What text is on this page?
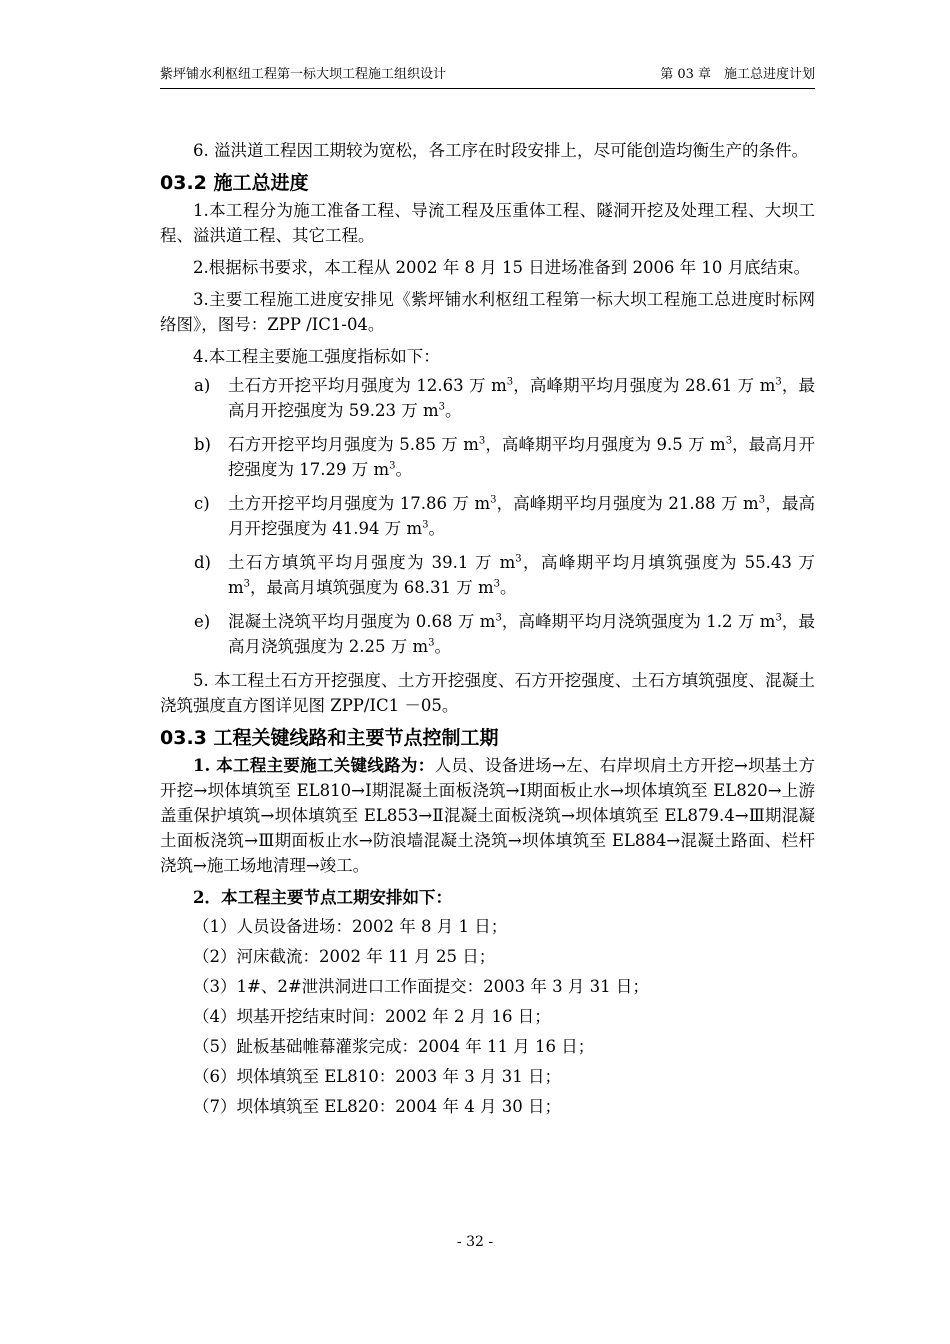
紫坪铺水利枢纽工程第一标大坝工程施工组织设计	第 03 章　施工总进度计划

6. 溢洪道工程因工期较为宽松，各工序在时段安排上，尽可能创造均衡生产的条件。

03.2 施工总进度

1.本工程分为施工准备工程、导流工程及压重体工程、隧洞开挖及处理工程、大坝工程、溢洪道工程、其它工程。

2.根据标书要求，本工程从 2002 年 8 月 15 日进场准备到 2006 年 10 月底结束。

3.主要工程施工进度安排见《紫坪铺水利枢纽工程第一标大坝工程施工总进度时标网络图》，图号：ZPP /IC1-04。

4.本工程主要施工强度指标如下：

a) 土石方开挖平均月强度为 12.63 万 $m^3$，高峰期平均月强度为 28.61 万 $m^3$，最高月开挖强度为 59.23 万 $m^3$。
b) 石方开挖平均月强度为 5.85 万 $m^3$，高峰期平均月强度为 9.5 万 $m^3$，最高月开挖强度为 17.29 万 $m^3$。
c) 土方开挖平均月强度为 17.86 万 $m^3$，高峰期平均月强度为 21.88 万 $m^3$，最高月开挖强度为 41.94 万 $m^3$。
d) 土石方填筑平均月强度为 39.1 万 $m^3$，高峰期平均月填筑强度为 55.43 万 $m^3$，最高月填筑强度为 68.31 万 $m^3$。
e) 混凝土浇筑平均月强度为 0.68 万 $m^3$，高峰期平均月浇筑强度为 1.2 万 $m^3$，最高月浇筑强度为 2.25 万 $m^3$。

5. 本工程土石方开挖强度、土方开挖强度、石方开挖强度、土石方填筑强度、混凝土浇筑强度直方图详见图 ZPP/IC1 －05。

03.3 工程关键线路和主要节点控制工期

1. 本工程主要施工关键线路为：人员、设备进场→左、右岸坝肩土方开挖→坝基土方开挖→坝体填筑至 EL810→Ⅰ期混凝土面板浇筑→Ⅰ期面板止水→坝体填筑至 EL820→上游盖重保护填筑→坝体填筑至 EL853→Ⅱ混凝土面板浇筑→坝体填筑至 EL879.4→Ⅲ期混凝土面板浇筑→Ⅲ期面板止水→防浪墙混凝土浇筑→坝体填筑至 EL884→混凝土路面、栏杆浇筑→施工场地清理→竣工。

2．本工程主要节点工期安排如下：

（1）人员设备进场：2002 年 8 月 1 日；
（2）河床截流：2002 年 11 月 25 日；
（3）1#、2#泄洪洞进口工作面提交：2003 年 3 月 31 日；
（4）坝基开挖结束时间：2002 年 2 月 16 日；
（5）趾板基础帷幕灌浆完成：2004 年 11 月 16 日；
（6）坝体填筑至 EL810：2003 年 3 月 31 日；
（7）坝体填筑至 EL820：2004 年 4 月 30 日；
- 32 -
